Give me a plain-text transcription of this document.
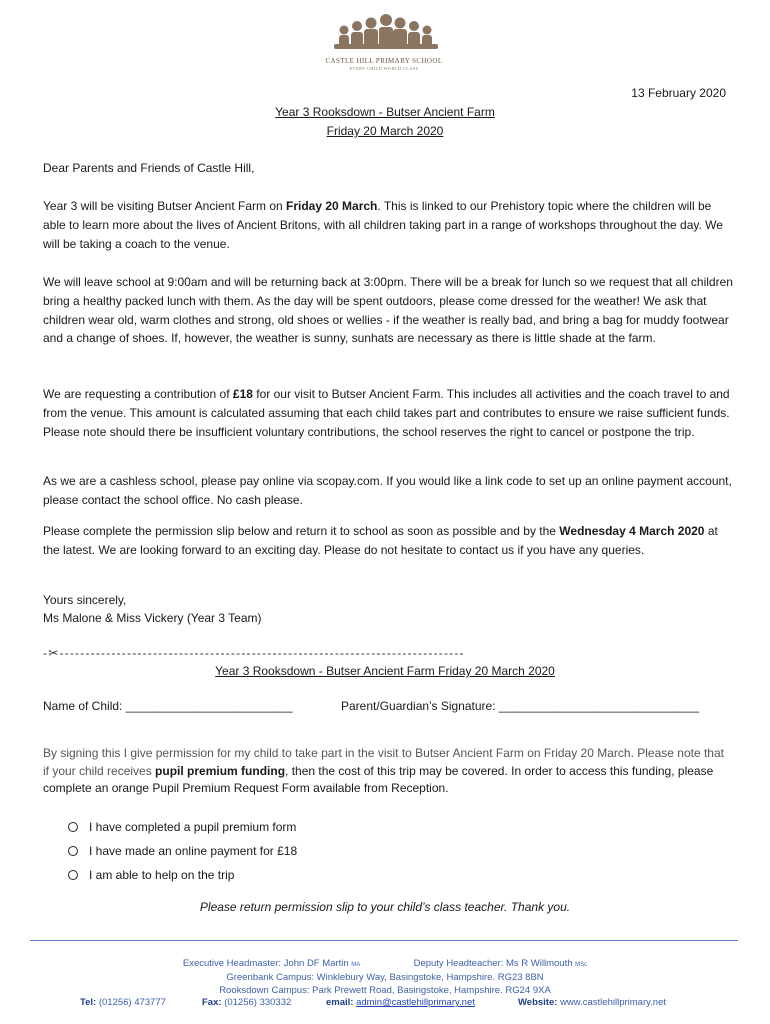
CASTLE HILL PRIMARY SCHOOL
EVERY CHILD WORLD CLASS
13 February 2020
Year 3 Rooksdown - Butser Ancient Farm
Friday 20 March 2020
Dear Parents and Friends of Castle Hill,
Year 3 will be visiting Butser Ancient Farm on Friday 20 March. This is linked to our Prehistory topic where the children will be able to learn more about the lives of Ancient Britons, with all children taking part in a range of workshops throughout the day. We will be taking a coach to the venue.
We will leave school at 9:00am and will be returning back at 3:00pm. There will be a break for lunch so we request that all children bring a healthy packed lunch with them. As the day will be spent outdoors, please come dressed for the weather! We ask that children wear old, warm clothes and strong, old shoes or wellies - if the weather is really bad, and bring a bag for muddy footwear and a change of shoes. If, however, the weather is sunny, sunhats are necessary as there is little shade at the farm.
We are requesting a contribution of £18 for our visit to Butser Ancient Farm. This includes all activities and the coach travel to and from the venue. This amount is calculated assuming that each child takes part and contributes to ensure we raise sufficient funds. Please note should there be insufficient voluntary contributions, the school reserves the right to cancel or postpone the trip.
As we are a cashless school, please pay online via scopay.com. If you would like a link code to set up an online payment account, please contact the school office. No cash please.
Please complete the permission slip below and return it to school as soon as possible and by the Wednesday 4 March 2020 at the latest. We are looking forward to an exciting day. Please do not hesitate to contact us if you have any queries.
Yours sincerely,
Ms Malone & Miss Vickery (Year 3 Team)
-✂------------------------------------------------------------------------------
Year 3 Rooksdown - Butser Ancient Farm Friday 20 March 2020
Name of Child: _________________________	Parent/Guardian’s Signature: ______________________________
By signing this I give permission for my child to take part in the visit to Butser Ancient Farm on Friday 20 March. Please note that if your child receives pupil premium funding, then the cost of this trip may be covered. In order to access this funding, please complete an orange Pupil Premium Request Form available from Reception.
I have completed a pupil premium form
I have made an online payment for £18
I am able to help on the trip
Please return permission slip to your child’s class teacher. Thank you.
Executive Headmaster: John DF Martin MA	Deputy Headteacher: Ms R Willmouth MSc
Greenbank Campus: Winklebury Way, Basingstoke, Hampshire. RG23 8BN
Rooksdown Campus: Park Prewett Road, Basingstoke, Hampshire. RG24 9XA
Tel: (01256) 473777	Fax: (01256) 330332	email: admin@castlehillprimary.net	Website: www.castlehillprimary.net
